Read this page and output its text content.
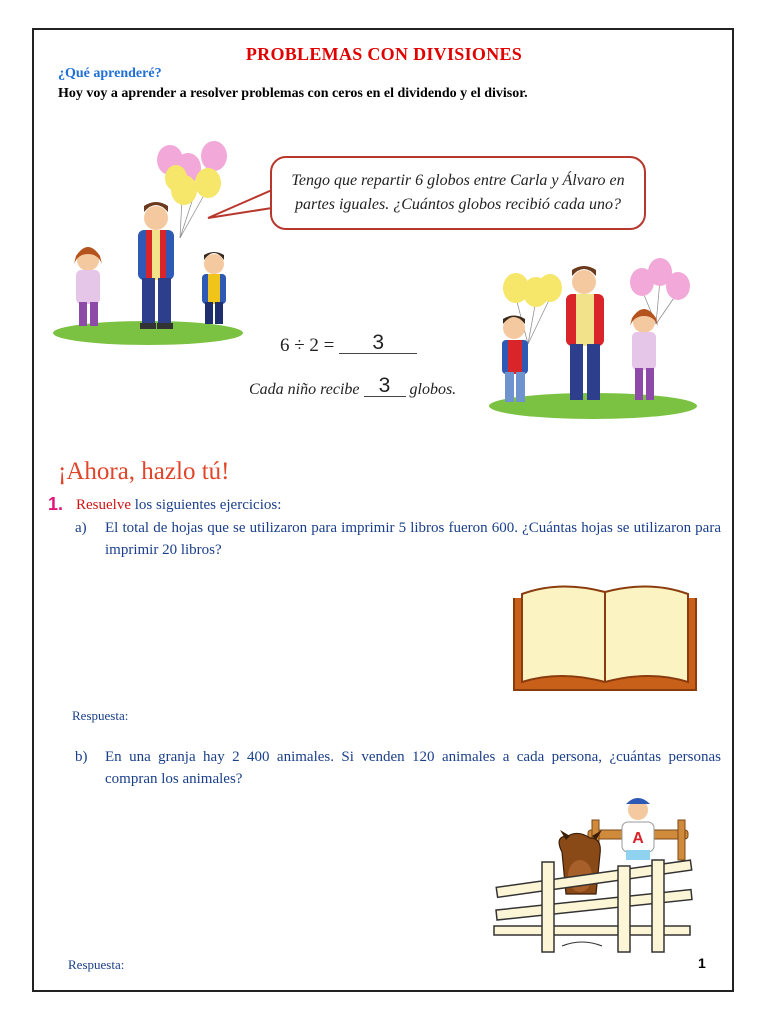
PROBLEMAS CON DIVISIONES
¿Qué aprenderé?
Hoy voy a aprender a resolver problemas con ceros en el dividendo y el divisor.
Tengo que repartir 6 globos entre Carla y Álvaro en partes iguales. ¿Cuántos globos recibió cada uno?
6 ÷ 2 = 3
Cada niño recibe 3 globos.
¡Ahora, hazlo tú!
1. Resuelve los siguientes ejercicios:
a)	El total de hojas que se utilizaron para imprimir 5 libros fueron 600. ¿Cuántas hojas se utilizaron para imprimir 20 libros?
Respuesta:
b)	En una granja hay 2 400 animales. Si venden 120 animales a cada persona, ¿cuántas personas compran los animales?
A
Respuesta:	1
